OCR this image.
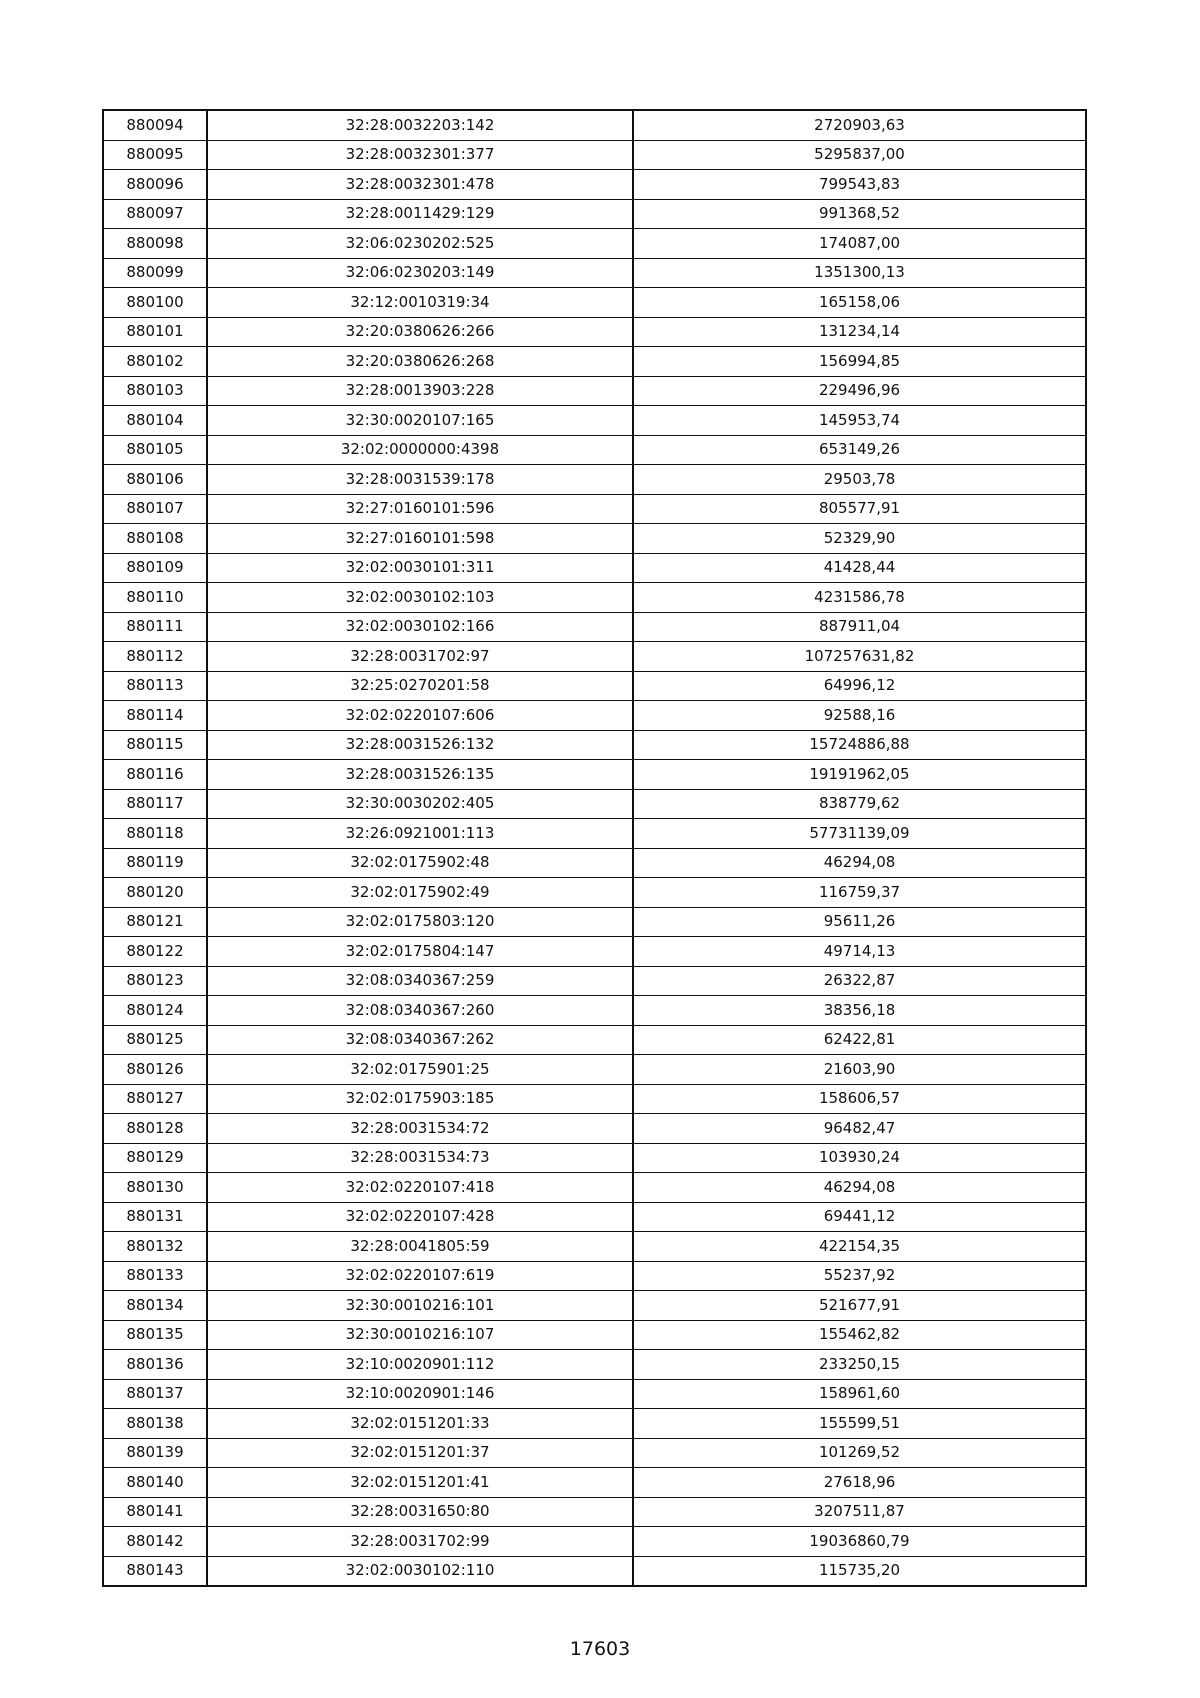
880094	32:28:0032203:142	2720903,63
880095	32:28:0032301:377	5295837,00
880096	32:28:0032301:478	799543,83
880097	32:28:0011429:129	991368,52
880098	32:06:0230202:525	174087,00
880099	32:06:0230203:149	1351300,13
880100	32:12:0010319:34	165158,06
880101	32:20:0380626:266	131234,14
880102	32:20:0380626:268	156994,85
880103	32:28:0013903:228	229496,96
880104	32:30:0020107:165	145953,74
880105	32:02:0000000:4398	653149,26
880106	32:28:0031539:178	29503,78
880107	32:27:0160101:596	805577,91
880108	32:27:0160101:598	52329,90
880109	32:02:0030101:311	41428,44
880110	32:02:0030102:103	4231586,78
880111	32:02:0030102:166	887911,04
880112	32:28:0031702:97	107257631,82
880113	32:25:0270201:58	64996,12
880114	32:02:0220107:606	92588,16
880115	32:28:0031526:132	15724886,88
880116	32:28:0031526:135	19191962,05
880117	32:30:0030202:405	838779,62
880118	32:26:0921001:113	57731139,09
880119	32:02:0175902:48	46294,08
880120	32:02:0175902:49	116759,37
880121	32:02:0175803:120	95611,26
880122	32:02:0175804:147	49714,13
880123	32:08:0340367:259	26322,87
880124	32:08:0340367:260	38356,18
880125	32:08:0340367:262	62422,81
880126	32:02:0175901:25	21603,90
880127	32:02:0175903:185	158606,57
880128	32:28:0031534:72	96482,47
880129	32:28:0031534:73	103930,24
880130	32:02:0220107:418	46294,08
880131	32:02:0220107:428	69441,12
880132	32:28:0041805:59	422154,35
880133	32:02:0220107:619	55237,92
880134	32:30:0010216:101	521677,91
880135	32:30:0010216:107	155462,82
880136	32:10:0020901:112	233250,15
880137	32:10:0020901:146	158961,60
880138	32:02:0151201:33	155599,51
880139	32:02:0151201:37	101269,52
880140	32:02:0151201:41	27618,96
880141	32:28:0031650:80	3207511,87
880142	32:28:0031702:99	19036860,79
880143	32:02:0030102:110	115735,20
17603
